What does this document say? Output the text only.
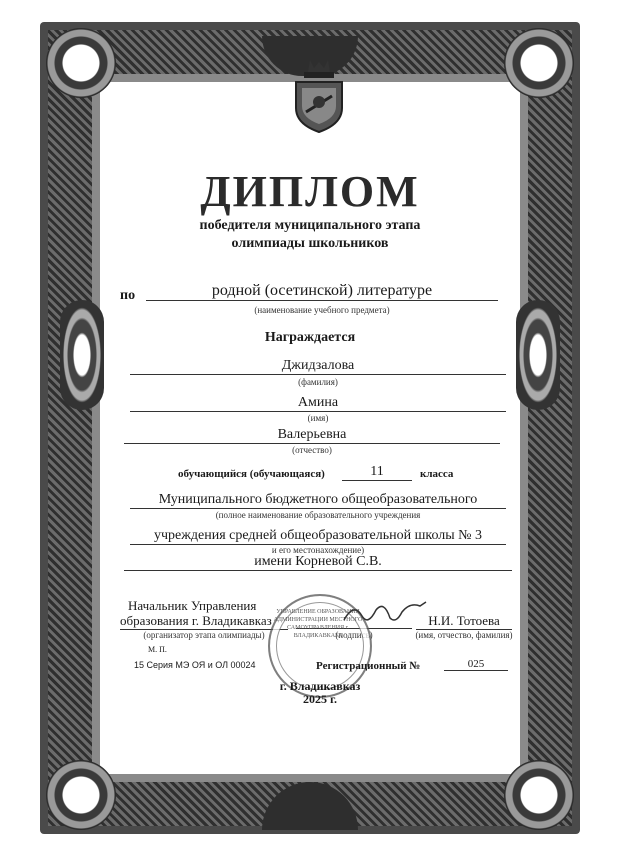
ДИПЛОМ
победителя муниципального этапа
олимпиады школьников
по	родной (осетинской) литературе
(наименование учебного предмета)
Награждается
Джидзалова
(фамилия)
Амина
(имя)
Валерьевна
(отчество)
обучающийся (обучающаяся)	11	класса
Муниципального бюджетного общеобразовательного
(полное наименование образовательного учреждения
учреждения средней общеобразовательной школы № 3
и его местонахождение)
имени Корневой С.В.
Начальник Управления
образования г. Владикавказ
(организатор этапа олимпиады)	(подпись)
Н.И. Тотоева
(имя, отчество, фамилия)
М. П.
УПРАВЛЕНИЕ ОБРАЗОВАНИЯ АДМИНИСТРАЦИИ МЕСТНОГО САМОУПРАВЛЕНИЯ г. ВЛАДИКАВКАЗА
15 Серия МЭ ОЯ и ОЛ 00024	Регистрационный №	025
г. Владикавказ
2025 г.
